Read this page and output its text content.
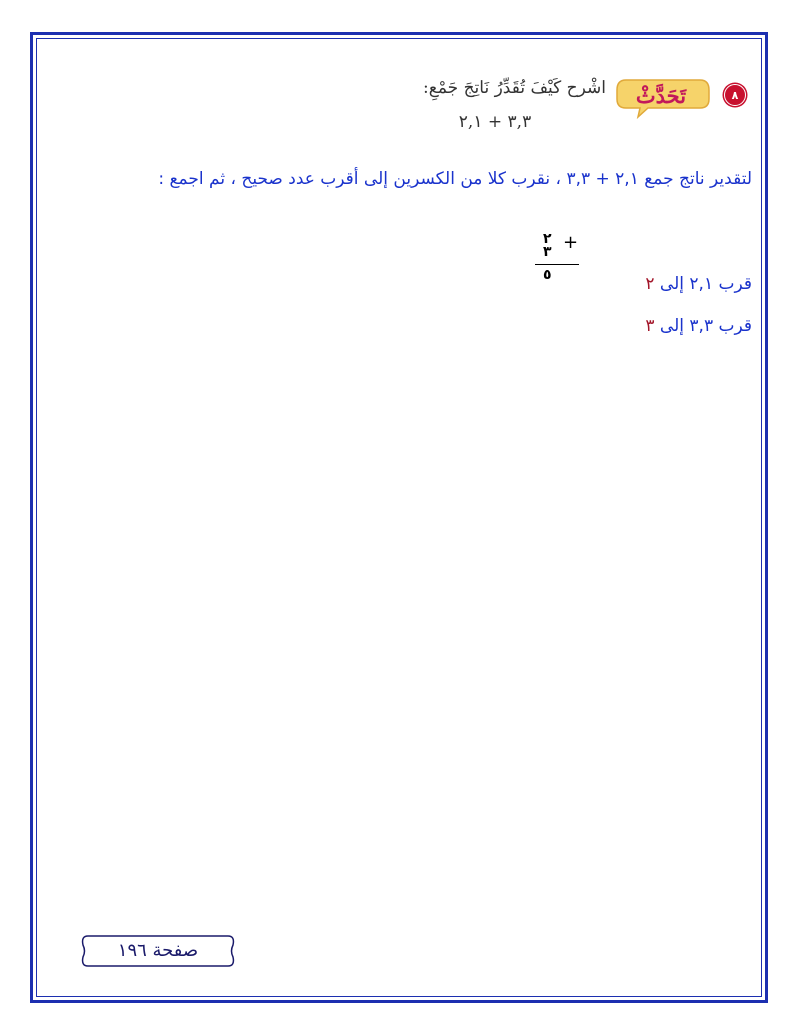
٨
تَحَدَّثْ
اشْرح كَيْفَ تُقَدِّرُ نَاتِجَ جَمْعِ:
٣,٣ + ٢,١
لتقدير ناتج جمع ٢,١ + ٣,٣ ، نقرب كلا من الكسرين إلى أقرب عدد صحيح ، ثم اجمع :
٢
٣ +
٥	قرب ٢,١ إلى ٢
قرب ٣,٣ إلى ٣
صفحة ١٩٦
